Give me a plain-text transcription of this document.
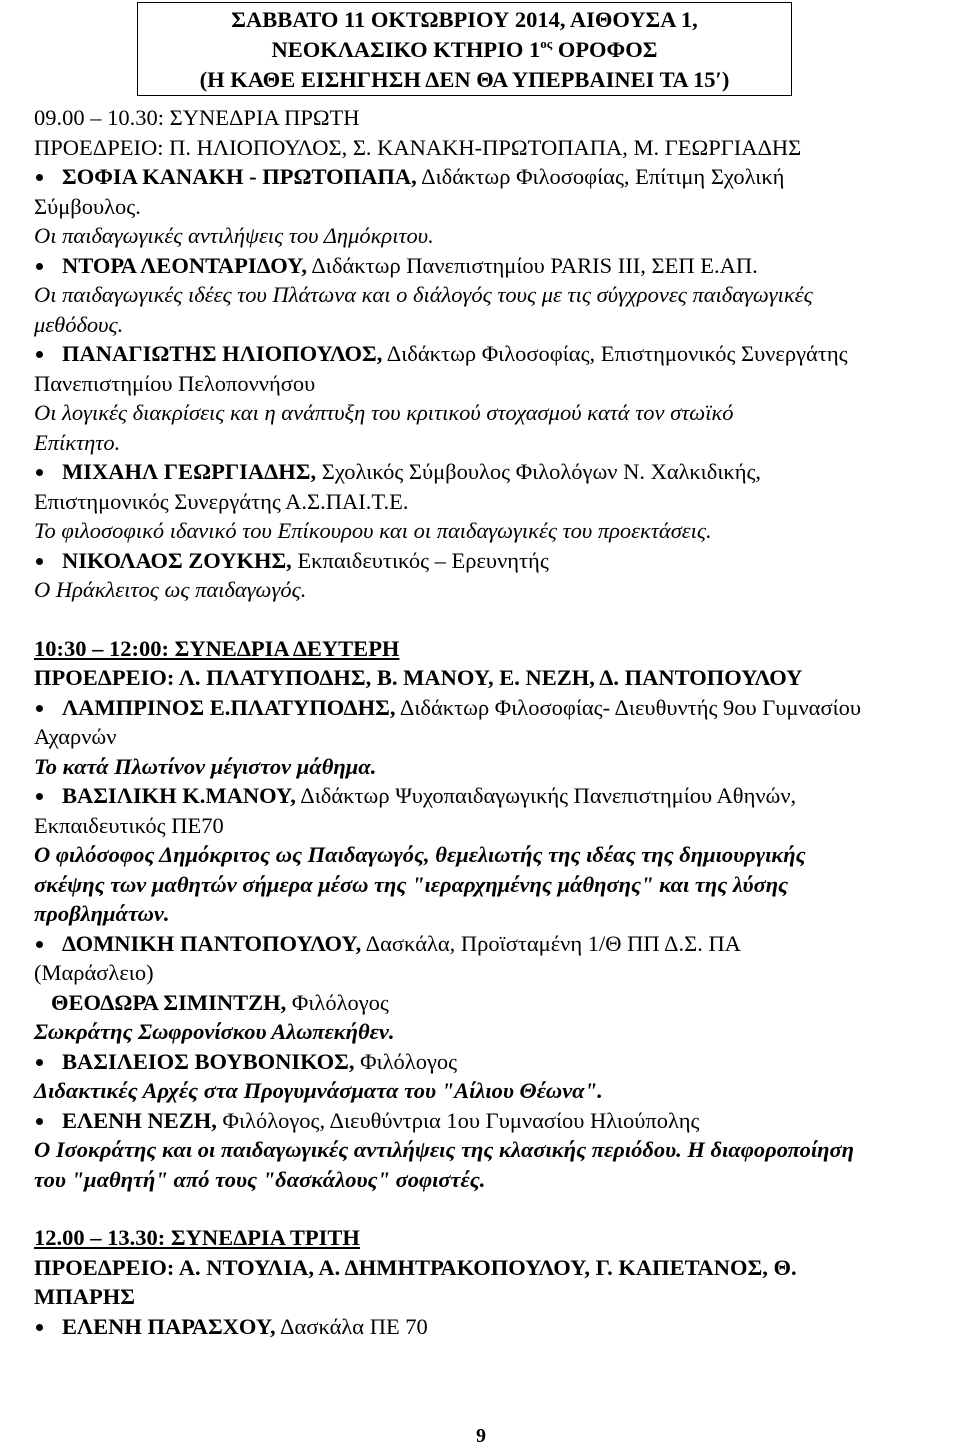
ΣΑΒΒΑΤΟ 11 ΟΚΤΩΒΡΙΟΥ 2014, ΑΙΘΟΥΣΑ 1,
ΝΕΟΚΛΑΣΙΚΟ ΚΤΗΡΙΟ $1^{o\varsigma}$ ΟΡΟΦΟΣ
(Η ΚΑΘΕ ΕΙΣΗΓΗΣΗ ΔΕΝ ΘΑ ΥΠΕΡΒΑΙΝΕΙ ΤΑ 15′)
09.00 – 10.30: ΣΥΝΕΔΡΙΑ ΠΡΩΤΗ
ΠΡΟΕΔΡΕΙΟ: Π. ΗΛΙΟΠΟΥΛΟΣ, Σ. ΚΑΝΑΚΗ-ΠΡΩΤΟΠΑΠΑ, Μ. ΓΕΩΡΓΙΑΔΗΣ
ΣΟΦΙΑ ΚΑΝΑΚΗ - ΠΡΩΤΟΠΑΠΑ, Διδάκτωρ Φιλοσοφίας, Επίτιμη Σχολική
Σύμβουλος.
Οι παιδαγωγικές αντιλήψεις του Δημόκριτου.
ΝΤΟΡΑ ΛΕΟΝΤΑΡΙΔΟΥ, Διδάκτωρ Πανεπιστημίου PARIS III, ΣΕΠ Ε.ΑΠ.
Οι παιδαγωγικές ιδέες του Πλάτωνα και ο διάλογός τους με τις σύγχρονες παιδαγωγικές
μεθόδους.
ΠΑΝΑΓΙΩΤΗΣ ΗΛΙΟΠΟΥΛΟΣ, Διδάκτωρ Φιλοσοφίας, Επιστημονικός Συνεργάτης
Πανεπιστημίου Πελοποννήσου
Οι λογικές διακρίσεις και η ανάπτυξη του κριτικού στοχασμού κατά τον στωϊκό
Επίκτητο.
ΜΙΧΑΗΛ ΓΕΩΡΓΙΑΔΗΣ, Σχολικός Σύμβουλος Φιλολόγων Ν. Χαλκιδικής,
Επιστημονικός Συνεργάτης Α.Σ.ΠΑΙ.Τ.Ε.
Το φιλοσοφικό ιδανικό του Επίκουρου και οι παιδαγωγικές του προεκτάσεις.
ΝΙΚΟΛΑΟΣ ΖΟΥΚΗΣ, Εκπαιδευτικός – Ερευνητής
Ο Ηράκλειτος ως παιδαγωγός.
10:30 – 12:00: ΣΥΝΕΔΡΙΑ ΔΕΥΤΕΡΗ
ΠΡΟΕΔΡΕΙΟ: Λ. ΠΛΑΤΥΠΟΔΗΣ, Β. ΜΑΝΟΥ, Ε. ΝΕΖΗ, Δ. ΠΑΝΤΟΠΟΥΛΟΥ
ΛΑΜΠΡΙΝΟΣ Ε.ΠΛΑΤΥΠΟΔΗΣ, Διδάκτωρ Φιλοσοφίας- Διευθυντής 9ου Γυμνασίου
Αχαρνών
Το κατά Πλωτίνον μέγιστον μάθημα.
ΒΑΣΙΛΙΚΗ Κ.ΜΑΝΟΥ, Διδάκτωρ Ψυχοπαιδαγωγικής Πανεπιστημίου Αθηνών,
Εκπαιδευτικός ΠΕ70
Ο φιλόσοφος Δημόκριτος ως Παιδαγωγός, θεμελιωτής της ιδέας της δημιουργικής
σκέψης των μαθητών σήμερα μέσω της "ιεραρχημένης μάθησης" και της λύσης
προβλημάτων.
ΔΟΜΝΙΚΗ ΠΑΝΤΟΠΟΥΛΟΥ, Δασκάλα, Προϊσταμένη 1/Θ ΠΠ Δ.Σ. ΠΑ
(Μαράσλειο)
ΘΕΟΔΩΡΑ ΣΙΜΙΝΤΖΗ, Φιλόλογος
Σωκράτης Σωφρονίσκου Αλωπεκήθεν.
ΒΑΣΙΛΕΙΟΣ ΒΟΥΒΟΝΙΚΟΣ, Φιλόλογος
Διδακτικές Αρχές στα Προγυμνάσματα του "Αίλιου Θέωνα".
ΕΛΕΝΗ ΝΕΖΗ, Φιλόλογος, Διευθύντρια 1ου Γυμνασίου Ηλιούπολης
Ο Ισοκράτης και οι παιδαγωγικές αντιλήψεις της κλασικής περιόδου. Η διαφοροποίηση
του "μαθητή" από τους "δασκάλους" σοφιστές.
12.00 – 13.30: ΣΥΝΕΔΡΙΑ ΤΡΙΤΗ
ΠΡΟΕΔΡΕΙΟ: Α. ΝΤΟΥΛΙΑ, Α. ΔΗΜΗΤΡΑΚΟΠΟΥΛΟΥ, Γ. ΚΑΠΕΤΑΝΟΣ, Θ.
ΜΠΑΡΗΣ
ΕΛΕΝΗ ΠΑΡΑΣΧΟΥ, Δασκάλα ΠΕ 70
9
